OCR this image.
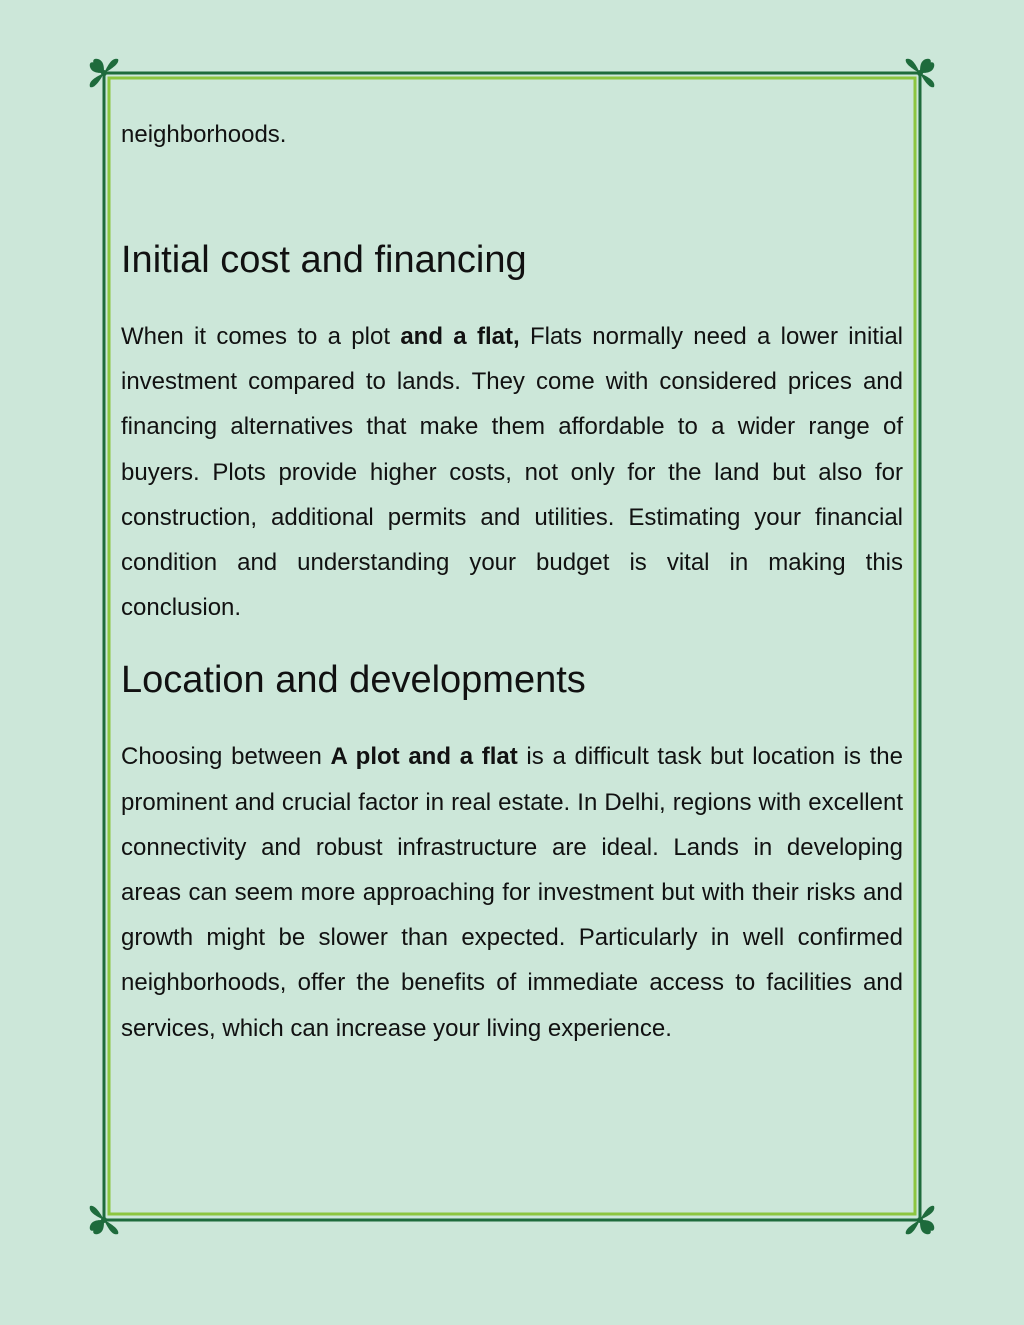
neighborhoods.

Initial cost and financing

When it comes to a plot and a flat, Flats normally need a lower initial investment compared to lands. They come with considered prices and financing alternatives that make them affordable to a wider range of buyers. Plots provide higher costs, not only for the land but also for construction, additional permits and utilities. Estimating your financial condition and understanding your budget is vital in making this conclusion.

Location and developments

Choosing between A plot and a flat is a difficult task but location is the prominent and crucial factor in real estate. In Delhi, regions with excellent connectivity and robust infrastructure are ideal. Lands in developing areas can seem more approaching for investment but with their risks and growth might be slower than expected. Particularly in well confirmed neighborhoods, offer the benefits of immediate access to facilities and services, which can increase your living experience.
